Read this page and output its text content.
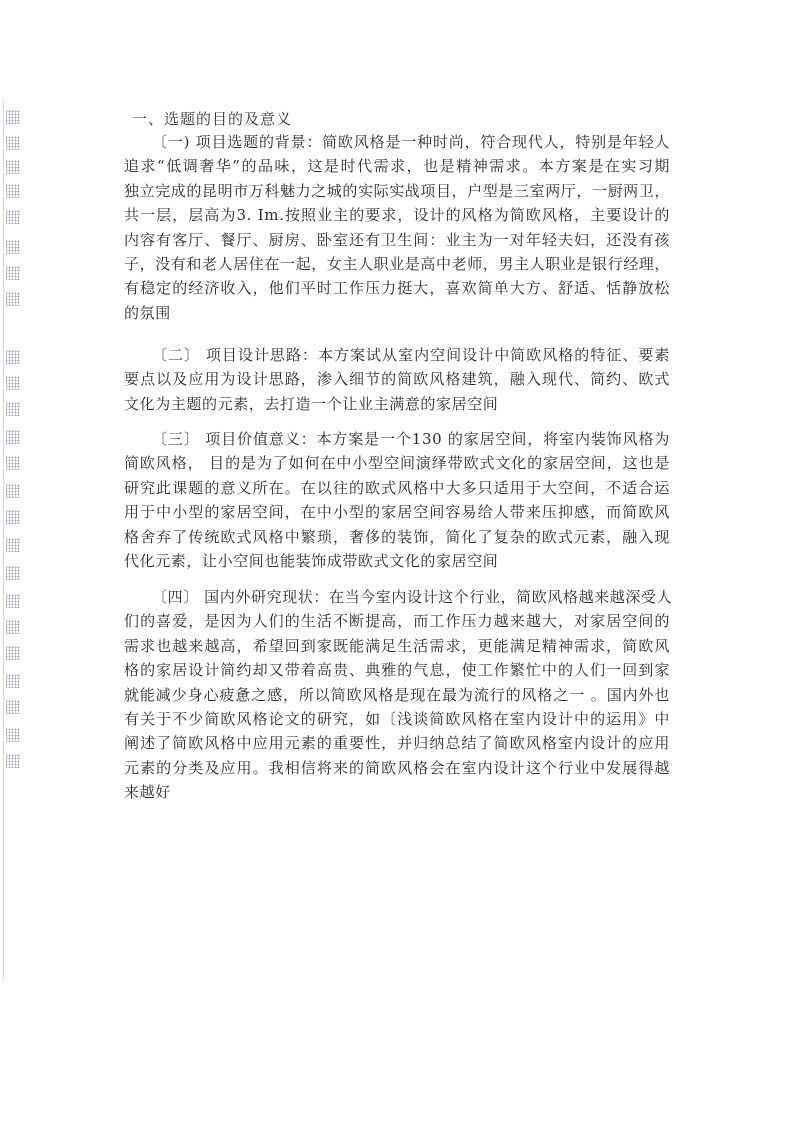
一、选题的目的及意义
〔一) 项目选题的背景：简欧风格是一种时尚，符合现代人，特别是年轻人
追求“低调奢华”的品味，这是时代需求，也是精神需求。本方案是在实习期
独立完成的昆明市万科魅力之城的实际实战项目，户型是三室两厅，一厨两卫，
共一层，层高为3. Im.按照业主的要求，设计的风格为简欧风格，主要设计的
内容有客厅、餐厅、厨房、卧室还有卫生间：业主为一对年轻夫妇，还没有孩
子，没有和老人居住在一起，女主人职业是高中老师，男主人职业是银行经理，
有稳定的经济收入，他们平时工作压力挺大，喜欢简单大方、舒适、恬静放松
的氛围
〔二〕 项目设计思路：本方案试从室内空间设计中简欧风格的特征、要素
要点以及应用为设计思路，渗入细节的简欧风格建筑，融入现代、简约、欧式
文化为主题的元素，去打造一个让业主满意的家居空间
〔三〕 项目价值意义：本方案是一个130 的家居空间，将室内装饰风格为
简欧风格， 目的是为了如何在中小型空间演绎带欧式文化的家居空间，这也是
研究此课题的意义所在。在以往的欧式风格中大多只适用于大空间，不适合运
用于中小型的家居空间，在中小型的家居空间容易给人带来压抑感，而简欧风
格舍弃了传统欧式风格中繁琐，奢侈的装饰，简化了复杂的欧式元素，融入现
代化元素，让小空间也能装饰成带欧式文化的家居空间
〔四〕 国内外研究现状：在当今室内设计这个行业，简欧风格越来越深受人
们的喜爱，是因为人们的生活不断提高，而工作压力越来越大，对家居空间的
需求也越来越高，希望回到家既能满足生活需求，更能满足精神需求，简欧风
格的家居设计简约却又带着高贵、典雅的气息，使工作繁忙中的人们一回到家
就能减少身心疲惫之感，所以简欧风格是现在最为流行的风格之一 。国内外也
有关于不少简欧风格论文的研究，如〔浅谈简欧风格在室内设计中的运用》中
阐述了简欧风格中应用元素的重要性，并归纳总结了简欧风格室内设计的应用
元素的分类及应用。我相信将来的简欧风格会在室内设计这个行业中发展得越
来越好
